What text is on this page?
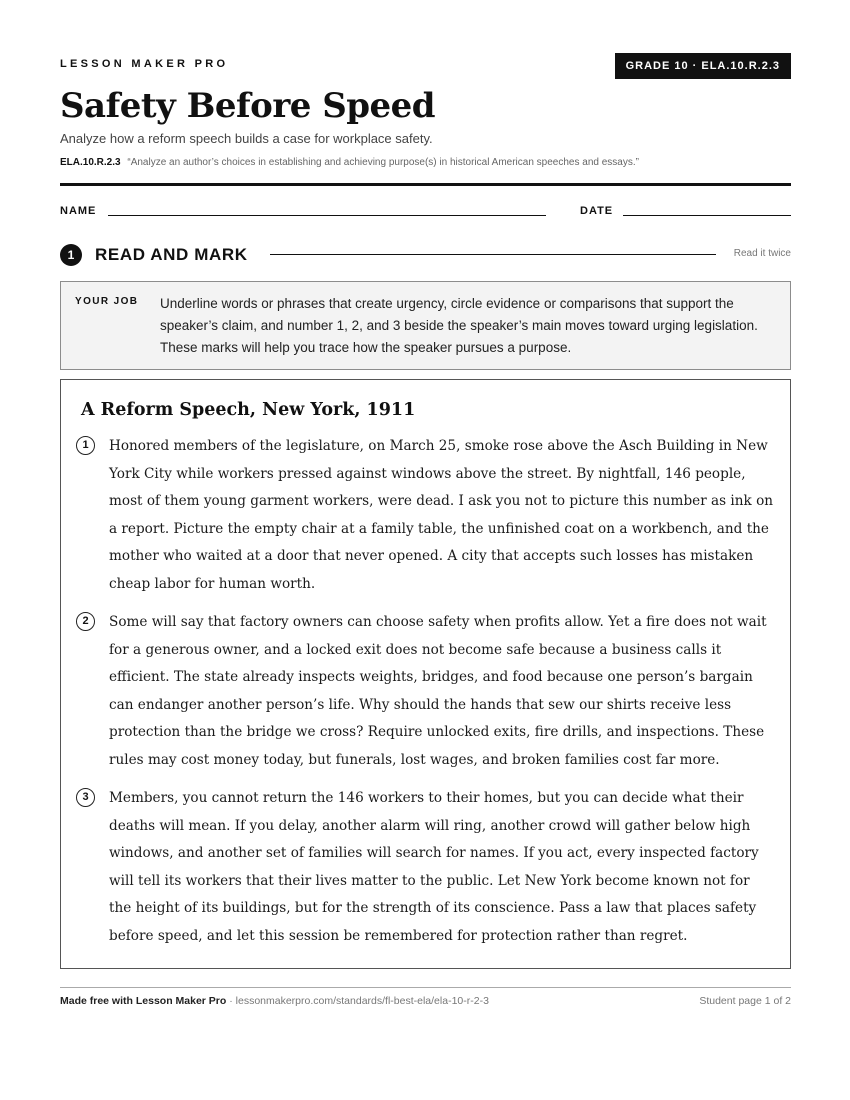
LESSON MAKER PRO	GRADE 10 · ELA.10.R.2.3
Safety Before Speed
Analyze how a reform speech builds a case for workplace safety.
ELA.10.R.2.3 “Analyze an author’s choices in establishing and achieving purpose(s) in historical American speeches and essays.”
NAME	DATE
1	READ AND MARK	Read it twice
YOUR JOB Underline words or phrases that create urgency, circle evidence or comparisons that support the speaker’s claim, and number 1, 2, and 3 beside the speaker’s main moves toward urging legislation. These marks will help you trace how the speaker pursues a purpose.
A Reform Speech, New York, 1911
1	Honored members of the legislature, on March 25, smoke rose above the Asch Building in New York City while workers pressed against windows above the street. By nightfall, 146 people, most of them young garment workers, were dead. I ask you not to picture this number as ink on a report. Picture the empty chair at a family table, the unfinished coat on a workbench, and the mother who waited at a door that never opened. A city that accepts such losses has mistaken cheap labor for human worth.
2	Some will say that factory owners can choose safety when profits allow. Yet a fire does not wait for a generous owner, and a locked exit does not become safe because a business calls it efficient. The state already inspects weights, bridges, and food because one person’s bargain can endanger another person’s life. Why should the hands that sew our shirts receive less protection than the bridge we cross? Require unlocked exits, fire drills, and inspections. These rules may cost money today, but funerals, lost wages, and broken families cost far more.
3	Members, you cannot return the 146 workers to their homes, but you can decide what their deaths will mean. If you delay, another alarm will ring, another crowd will gather below high windows, and another set of families will search for names. If you act, every inspected factory will tell its workers that their lives matter to the public. Let New York become known not for the height of its buildings, but for the strength of its conscience. Pass a law that places safety before speed, and let this session be remembered for protection rather than regret.
Made free with Lesson Maker Pro · lessonmakerpro.com/standards/fl-best-ela/ela-10-r-2-3	Student page 1 of 2
